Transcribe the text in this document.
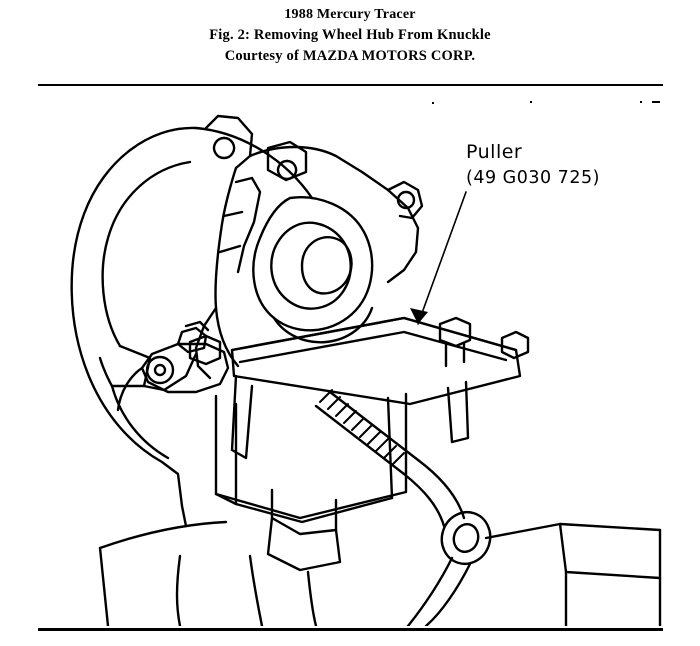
1988 Mercury Tracer
Fig. 2: Removing Wheel Hub From Knuckle
Courtesy of MAZDA MOTORS CORP.
Puller
(49 G030 725)
